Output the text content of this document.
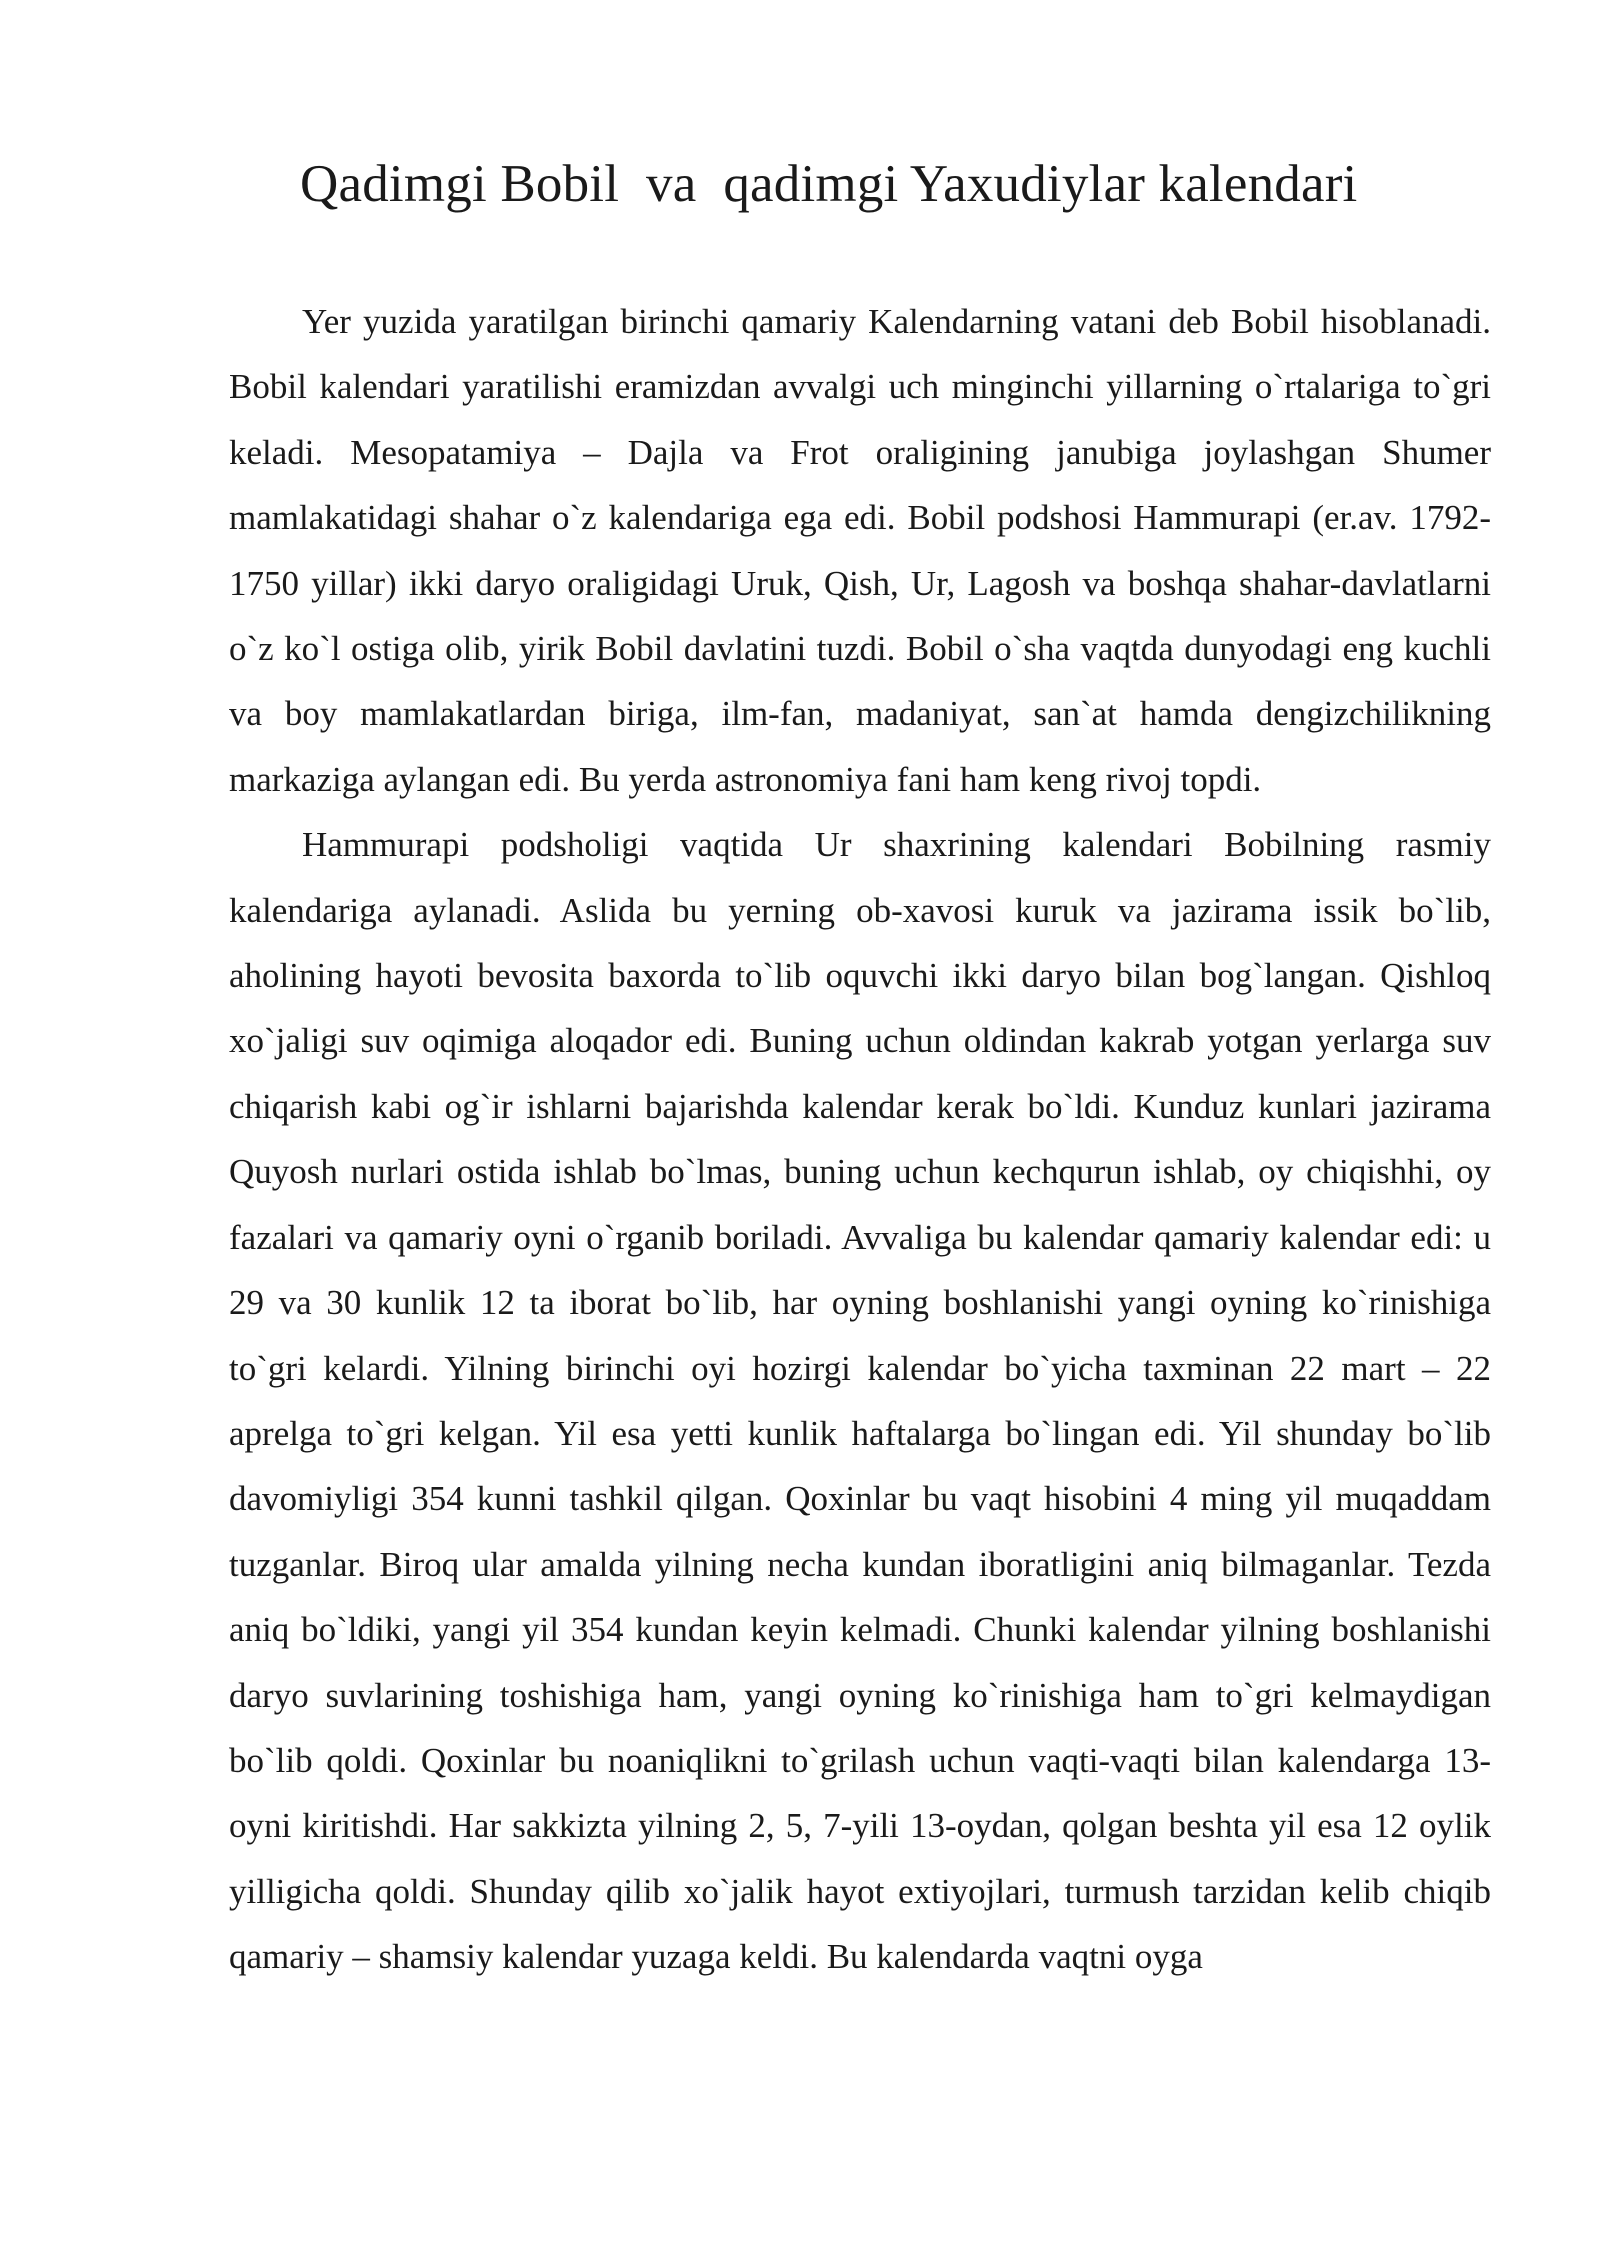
Qadimgi Bobil  va  qadimgi Yaxudiylar kalendari

Yer yuzida yaratilgan birinchi qamariy Kalendarning vatani deb Bobil hisoblanadi. Bobil kalendari yaratilishi eramizdan avvalgi uch minginchi yillarning o`rtalariga to`gri keladi. Mesopatamiya – Dajla va Frot oraligining janubiga joylashgan Shumer mamlakatidagi shahar o`z kalendariga ega edi. Bobil podshosi Hammurapi (er.av. 1792-1750 yillar) ikki daryo oraligidagi Uruk, Qish, Ur, Lagosh va boshqa shahar-davlatlarni o`z ko`l ostiga olib, yirik Bobil davlatini tuzdi. Bobil o`sha vaqtda dunyodagi eng kuchli va boy mamlakatlardan biriga, ilm-fan, madaniyat, san`at hamda dengizchilikning markaziga aylangan edi. Bu yerda astronomiya fani ham keng rivoj topdi.

Hammurapi podsholigi vaqtida Ur shaxrining kalendari Bobilning rasmiy kalendariga aylanadi. Aslida bu yerning ob-xavosi kuruk va jazirama issik bo`lib, aholining hayoti bevosita baxorda to`lib oquvchi ikki daryo bilan bog`langan. Qishloq xo`jaligi suv oqimiga aloqador edi. Buning uchun oldindan kakrab yotgan yerlarga suv chiqarish kabi og`ir ishlarni bajarishda kalendar kerak bo`ldi. Kunduz kunlari jazirama Quyosh nurlari ostida ishlab bo`lmas, buning uchun kechqurun ishlab, oy chiqishhi, oy fazalari va qamariy oyni o`rganib boriladi. Avvaliga bu kalendar qamariy kalendar edi: u 29 va 30 kunlik 12 ta iborat bo`lib, har oyning boshlanishi yangi oyning ko`rinishiga to`gri kelardi. Yilning birinchi oyi hozirgi kalendar bo`yicha taxminan 22 mart – 22 aprelga to`gri kelgan. Yil esa yetti kunlik haftalarga bo`lingan edi. Yil shunday bo`lib davomiyligi 354 kunni tashkil qilgan. Qoxinlar bu vaqt hisobini 4 ming yil muqaddam tuzganlar. Biroq ular amalda yilning necha kundan iboratligini aniq bilmaganlar. Tezda aniq bo`ldiki, yangi yil 354 kundan keyin kelmadi. Chunki kalendar yilning boshlanishi daryo suvlarining toshishiga ham, yangi oyning ko`rinishiga ham to`gri kelmaydigan bo`lib qoldi. Qoxinlar bu noaniqlikni to`grilash uchun vaqti-vaqti bilan kalendarga 13-oyni kiritishdi. Har sakkizta yilning 2, 5, 7-yili 13-oydan, qolgan beshta yil esa 12 oylik yilligicha qoldi. Shunday qilib xo`jalik hayot extiyojlari, turmush tarzidan kelib chiqib qamariy – shamsiy kalendar yuzaga keldi. Bu kalendarda vaqtni oyga
